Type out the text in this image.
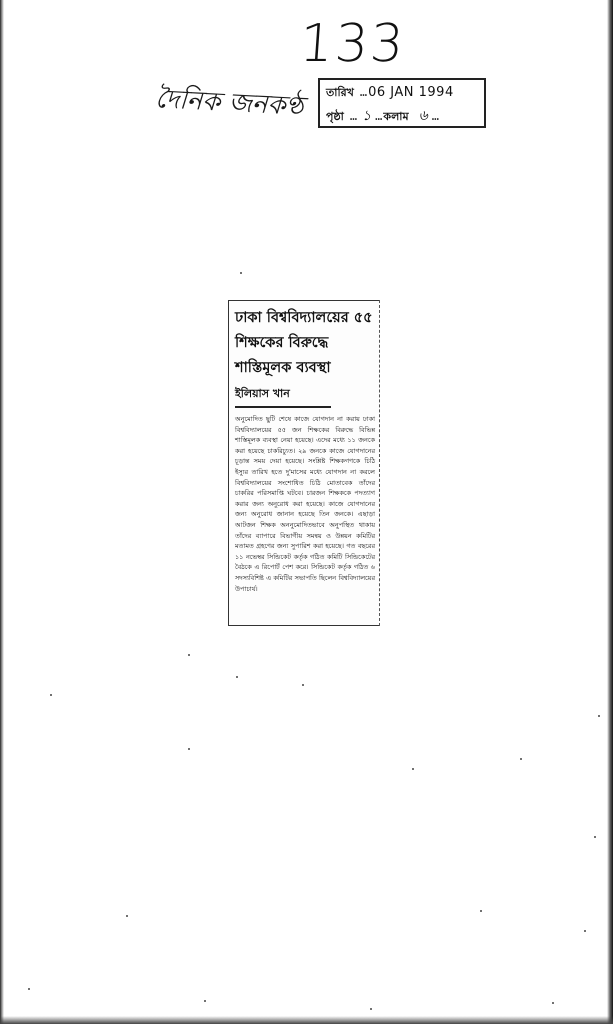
133
দৈনিক জনকণ্ঠ তারিখ … 06 JAN 1994
পৃষ্ঠা … ১ … কলাম ৬ …
ঢাকা বিশ্ববিদ্যালয়ের ৫৫
শিক্ষকের বিরুদ্ধে
শাস্তিমূলক ব্যবস্থা
ইলিয়াস খান
অনুমোদিত ছুটি শেষে কাজে যোগদান না করায় ঢাকা বিশ্ববিদ্যালয়ের ৫৫ জন শিক্ষকের বিরুদ্ধে বিভিন্ন শাস্তিমূলক ব্যবস্থা নেয়া হয়েছে। এদের মধ্যে ১১ জনকে করা হয়েছে চাকরিচ্যুত। ২৯ জনকে কাজে যোগদানের চূড়ান্ত সময় দেয়া হয়েছে। সংশ্লিষ্ট শিক্ষকগণকে চিঠি ইস্যুর তারিখ হতে দু'মাসের মধ্যে যোগদান না করলে বিশ্ববিদ্যালয়ের সংশোধিত চিঠি মোতাবেক তাঁদের চাকরির পরিসমাপ্তি ঘটবে। চারজন শিক্ষককে পদত্যাগ করার জন্য অনুরোধ করা হয়েছে। কাজে যোগদানের জন্য অনুরোধ জানান হয়েছে তিন জনকে। এছাড়া আটজন শিক্ষক অননুমোদিতভাবে অনুপস্থিত থাকায় তাঁদের ব্যাপারে বিভাগীয় সমন্বয় ও উন্নয়ন কমিটির মতামত গ্রহণের জন্য সুপারিশ করা হয়েছে। গত বছরের ১১ নভেম্বর সিন্ডিকেট কর্তৃক গঠিত কমিটি সিন্ডিকেটের বৈঠকে এ রিপোর্ট পেশ করে। সিন্ডিকেট কর্তৃক গঠিত ৬ সদস্যবিশিষ্ট এ কমিটির সভাপতি ছিলেন বিশ্ববিদ্যালয়ের উপাচার্য।
